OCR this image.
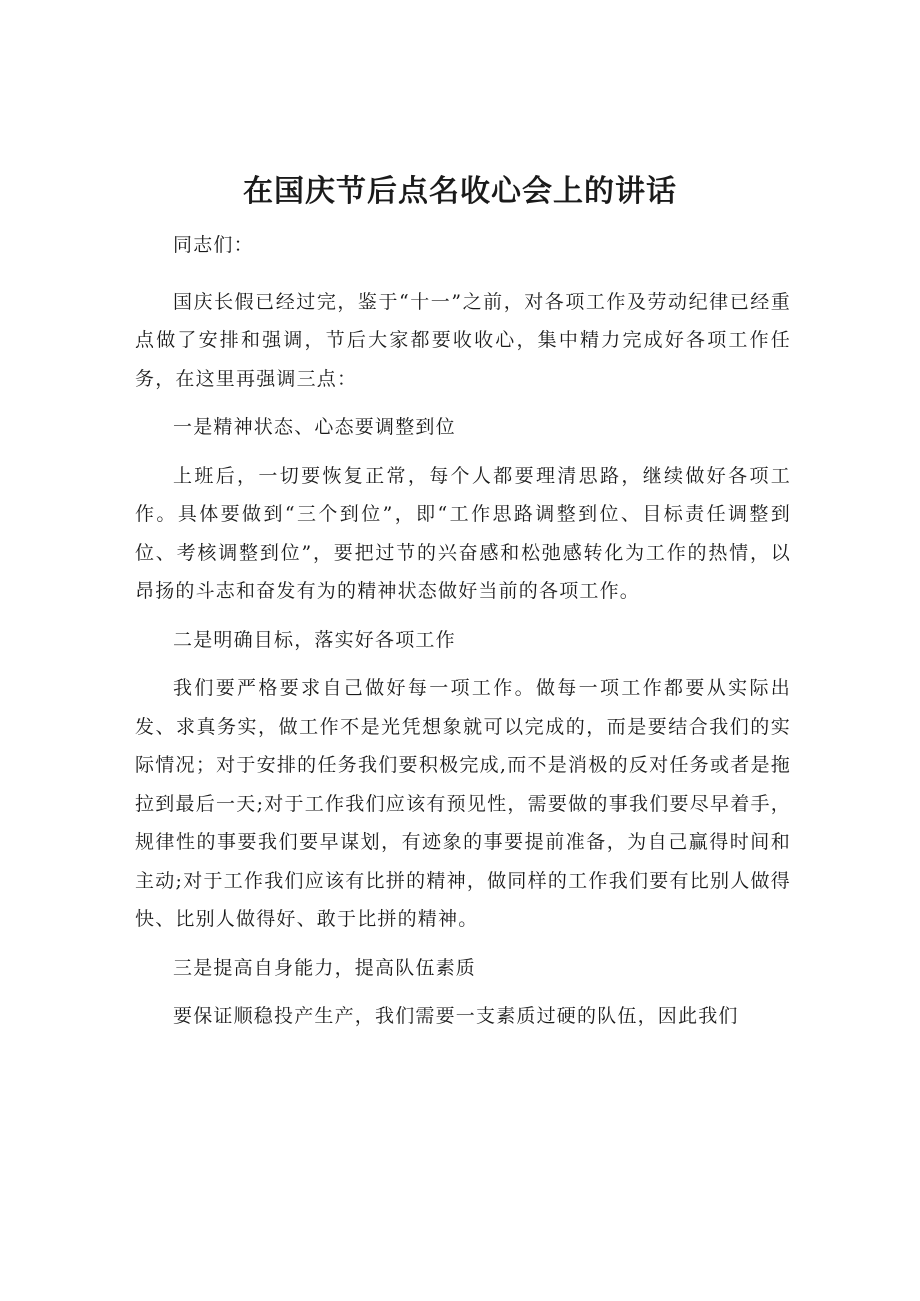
在国庆节后点名收心会上的讲话

同志们：

国庆长假已经过完，鉴于“十一”之前，对各项工作及劳动纪律已经重点做了安排和强调，节后大家都要收收心，集中精力完成好各项工作任务，在这里再强调三点：

一是精神状态、心态要调整到位

上班后，一切要恢复正常，每个人都要理清思路，继续做好各项工作。具体要做到“三个到位”，即“工作思路调整到位、目标责任调整到位、考核调整到位”，要把过节的兴奋感和松弛感转化为工作的热情，以昂扬的斗志和奋发有为的精神状态做好当前的各项工作。

二是明确目标，落实好各项工作

我们要严格要求自己做好每一项工作。做每一项工作都要从实际出发、求真务实，做工作不是光凭想象就可以完成的，而是要结合我们的实际情况；对于安排的任务我们要积极完成,而不是消极的反对任务或者是拖拉到最后一天;对于工作我们应该有预见性，需要做的事我们要尽早着手，规律性的事要我们要早谋划，有迹象的事要提前准备，为自己赢得时间和主动;对于工作我们应该有比拼的精神，做同样的工作我们要有比别人做得快、比别人做得好、敢于比拼的精神。

三是提高自身能力，提高队伍素质

要保证顺稳投产生产，我们需要一支素质过硬的队伍，因此我们
